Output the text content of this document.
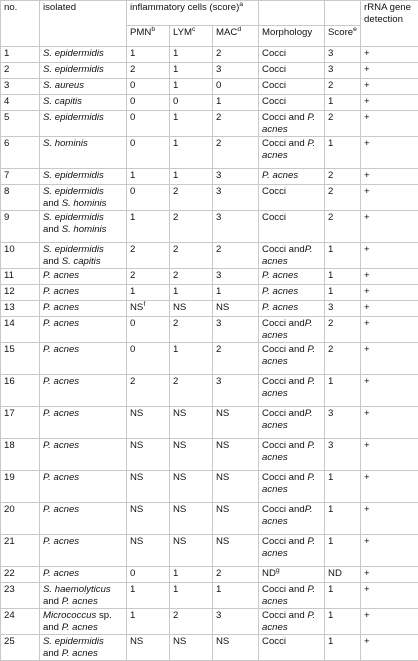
no.	isolated	inflammatory cells (score)$^a$					rRNA gene detection
		PMN$^b$	LYM$^c$	MAC$^d$	Morphology	Score$^e$
1	S. epidermidis	1	1	2	Cocci	3	+
2	S. epidermidis	2	1	3	Cocci	3	+
3	S. aureus	0	1	0	Cocci	2	+
4	S. capitis	0	0	1	Cocci	1	+
5	S. epidermidis	0	1	2	Cocci and P. acnes	2	+
6	S. hominis	0	1	2	Cocci and P. acnes	1	+
7	S. epidermidis	1	1	3	P. acnes	2	+
8	S. epidermidis
and S. hominis	0	2	3	Cocci	2	+
9	S. epidermidis
and S. hominis	1	2	3	Cocci	2	+
10	S. epidermidis
and S. capitis	2	2	2	Cocci andP. acnes	1	+
11	P. acnes	2	2	3	P. acnes	1	+
12	P. acnes	1	1	1	P. acnes	1	+
13	P. acnes	$NS^f$	NS	NS	P. acnes	3	+
14	P. acnes	0	2	3	Cocci andP. acnes	2	+
15	P. acnes	0	1	2	Cocci and P. acnes	2	+
16	P. acnes	2	2	3	Cocci and P. acnes	1	+
17	P. acnes	NS	NS	NS	Cocci andP. acnes	3	+
18	P. acnes	NS	NS	NS	Cocci and P. acnes	3	+
19	P. acnes	NS	NS	NS	Cocci and P. acnes	1	+
20	P. acnes	NS	NS	NS	Cocci andP. acnes	1	+
21	P. acnes	NS	NS	NS	Cocci and P. acnes	1	+
22	P. acnes	0	1	2	$ND^g$	ND	+
23	S. haemolyticus
and P. acnes	1	1	1	Cocci and P. acnes	1	+
24	Micrococcus sp.
and P. acnes	1	2	3	Cocci and P. acnes	1	+
25	S. epidermidis
and P. acnes	NS	NS	NS	Cocci	1	+
